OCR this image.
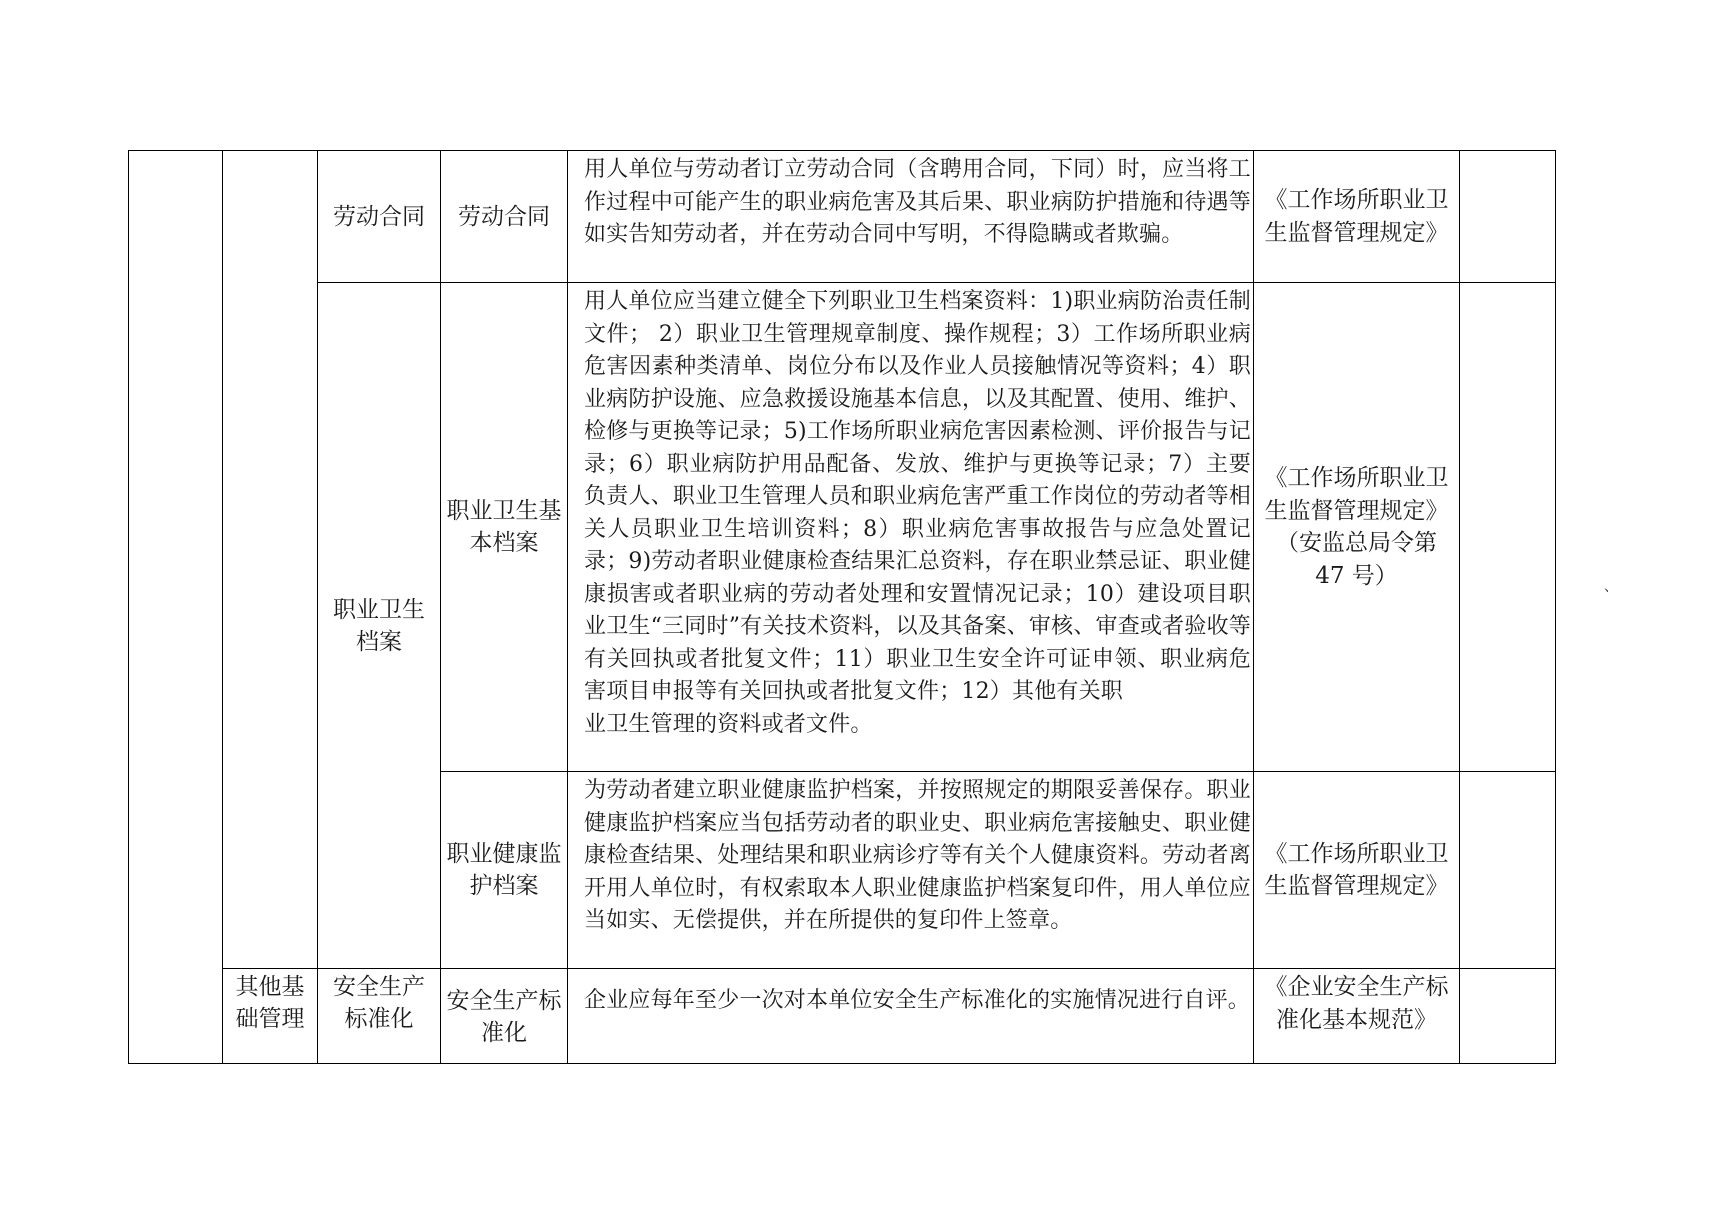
劳动合同	劳动合同	用人单位与劳动者订立劳动合同（含聘用合同，下同）时，应当将工作过程中可能产生的职业病危害及其后果、职业病防护措施和待遇等如实告知劳动者，并在劳动合同中写明，不得隐瞒或者欺骗。	《工作场所职业卫生监督管理规定》	

职业卫生档案	职业卫生基本档案	用人单位应当建立健全下列职业卫生档案资料：1)职业病防治责任制文件； 2）职业卫生管理规章制度、操作规程；3）工作场所职业病危害因素种类清单、岗位分布以及作业人员接触情况等资料；4）职业病防护设施、应急救援设施基本信息，以及其配置、使用、维护、检修与更换等记录；5)工作场所职业病危害因素检测、评价报告与记录；6）职业病防护用品配备、发放、维护与更换等记录；7）主要负责人、职业卫生管理人员和职业病危害严重工作岗位的劳动者等相关人员职业卫生培训资料；8）职业病危害事故报告与应急处置记录；9)劳动者职业健康检查结果汇总资料，存在职业禁忌证、职业健康损害或者职业病的劳动者处理和安置情况记录；10）建设项目职业卫生“三同时”有关技术资料，以及其备案、审核、审查或者验收等有关回执或者批复文件；11）职业卫生安全许可证申领、职业病危害项目申报等有关回执或者批复文件；12）其他有关职
业卫生管理的资料或者文件。	《工作场所职业卫生监督管理规定》（安监总局令第 47 号）	

职业健康监护档案	为劳动者建立职业健康监护档案，并按照规定的期限妥善保存。职业健康监护档案应当包括劳动者的职业史、职业病危害接触史、职业健康检查结果、处理结果和职业病诊疗等有关个人健康资料。劳动者离开用人单位时，有权索取本人职业健康监护档案复印件，用人单位应当如实、无偿提供，并在所提供的复印件上签章。	《工作场所职业卫生监督管理规定》	

其他基础管理	安全生产标准化	安全生产标准化	企业应每年至少一次对本单位安全生产标准化的实施情况进行自评。	《企业安全生产标准化基本规范》	

、
